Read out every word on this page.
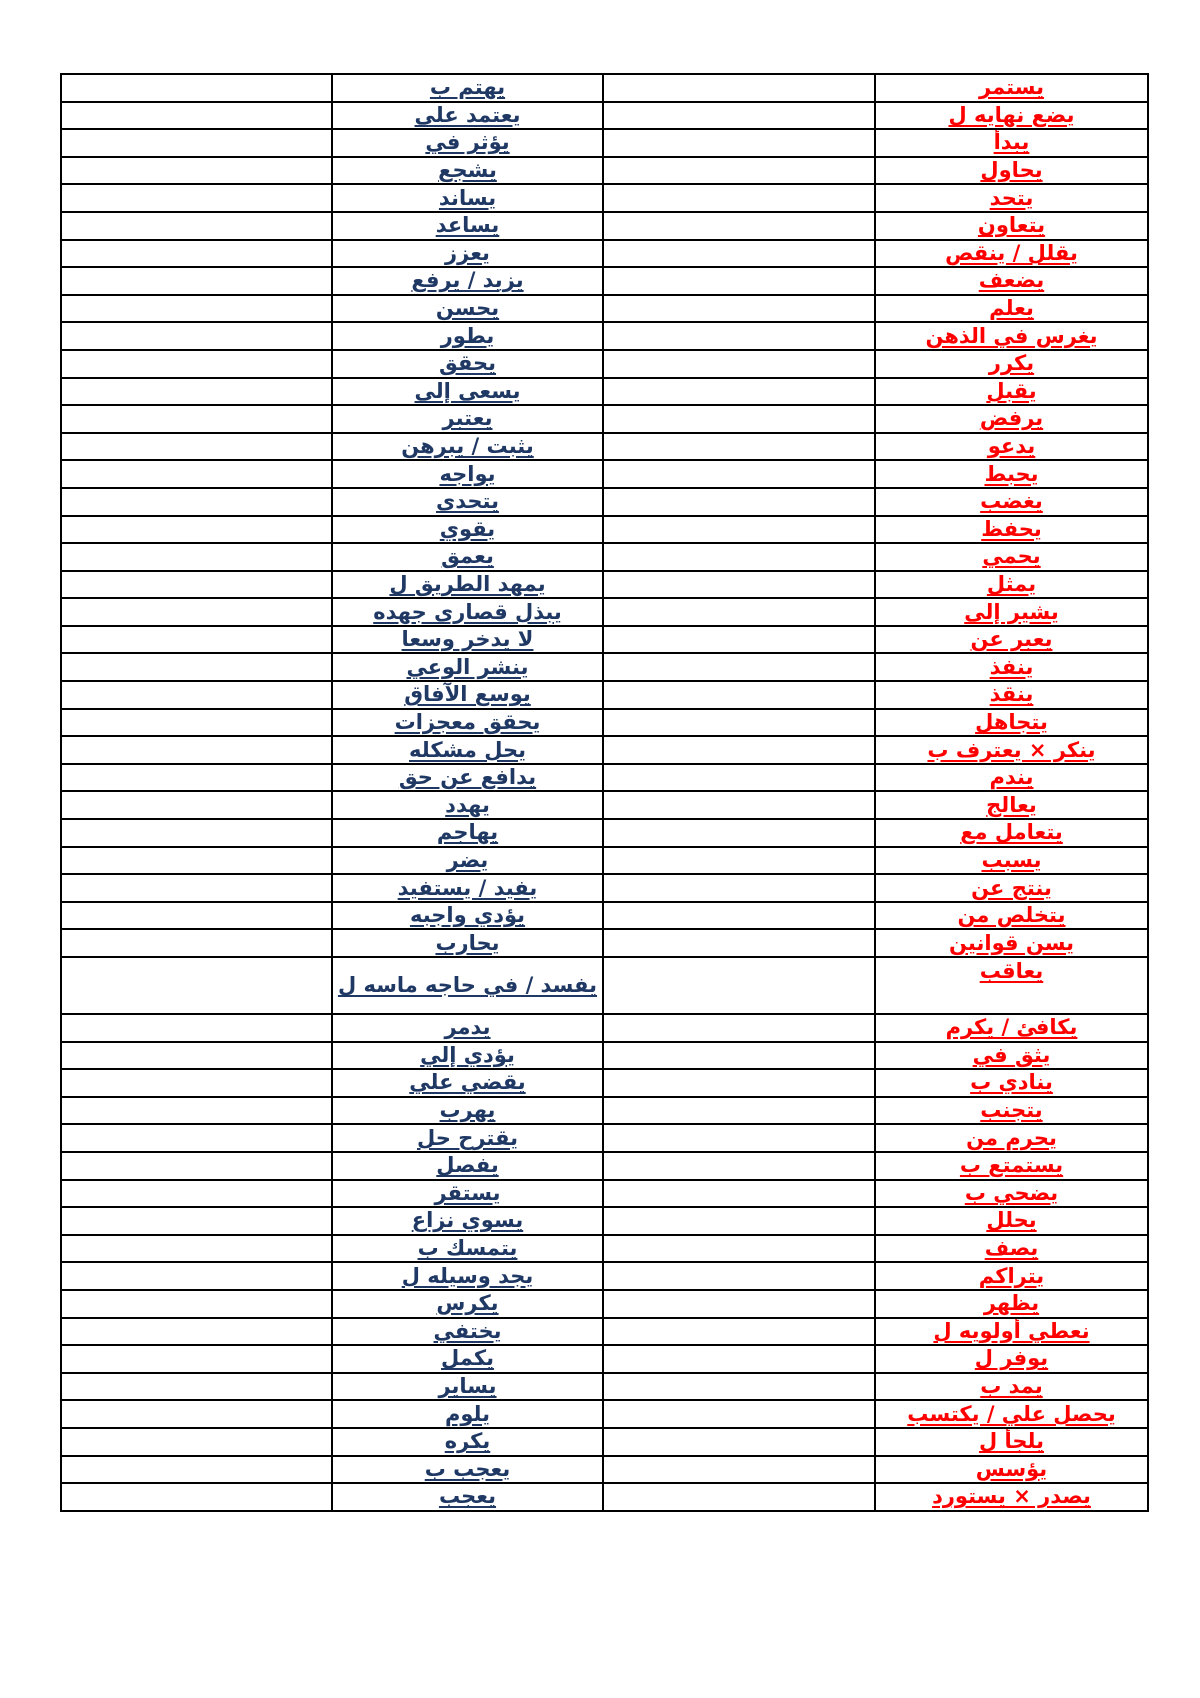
	يهتم ب		يستمر
	يعتمد على		يضع نهايه ل
	يؤثر في		يبدأ
	يشجع		يحاول
	يساند		يتحد
	يساعد		يتعاون
	يعزز		يقلل / ينقص
	يزيد / يرفع		يضعف
	يحسن		يعلم
	يطور		يغرس في الذهن
	يحقق		يكرر
	يسعى إلى		يقبل
	يعتبر		يرفض
	يثبت / يبرهن		يدعو
	يواجه		يحبط
	يتحدى		يغضب
	يقوي		يحفظ
	يعمق		يحمي
	يمهد الطريق ل		يمثل
	يبذل قصارى جهده		يشير إلى
	لا يدخر وسعا		يعبر عن
	ينشر الوعي		ينفذ
	يوسع الآفاق		ينقذ
	يحقق معجزات		يتجاهل
	يحل مشكله		ينكر × يعترف ب
	يدافع عن حق		يندم
	يهدد		يعالج
	يهاجم		يتعامل مع
	يضر		يسبب
	يفيد / يستفيد		ينتج عن
	يؤدي واجبه		يتخلص من
	يحارب		يسن قوانين
	يفسد / في حاجه ماسه ل		يعاقب
	يدمر		يكافئ / يكرم
	يؤدي إلي		يثق في
	يقضي علي		ينادي ب
	يهرب		يتجنب
	يقترح حل		يحرم من
	يفصل		يستمتع ب
	يستقر		يضحي ب
	يسوي نزاع		يحلل
	يتمسك ب		يصف
	يجد وسيله ل		يتراكم
	يكرس		يظهر
	يختفي		نعطي أولويه ل
	يكمل		يوفر ل
	يساير		يمد ب
	يلوم		يحصل علي / يكتسب
	يكره		يلجأ ل
	يعجب ب		يؤسس
	يعجب		يصدر × يستورد
